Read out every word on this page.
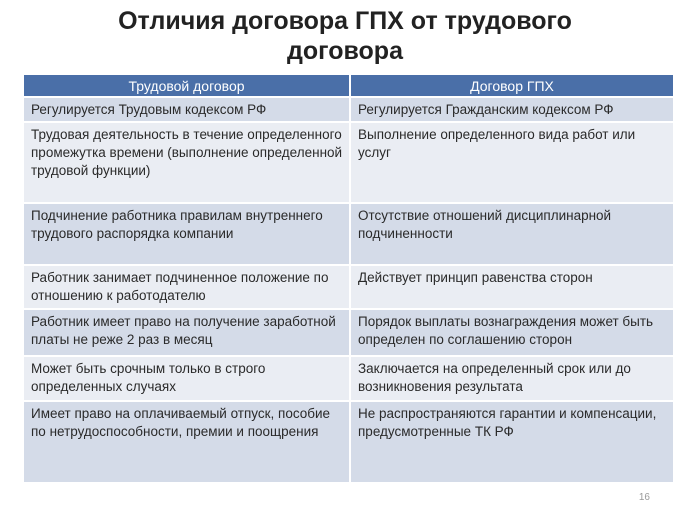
Отличия договора ГПХ от трудового
договора
Трудовой договор	Договор ГПХ
Регулируется Трудовым кодексом РФ	Регулируется Гражданским кодексом РФ
Трудовая деятельность в течение определенного промежутка времени (выполнение определенной трудовой функции)	Выполнение определенного вида работ или услуг
Подчинение работника правилам внутреннего трудового распорядка компании	Отсутствие отношений дисциплинарной подчиненности
Работник занимает подчиненное положение по отношению к работодателю	Действует принцип равенства сторон
Работник имеет право на получение заработной платы не реже 2 раз в месяц	Порядок выплаты вознаграждения может быть определен по соглашению сторон
Может быть срочным только в строго определенных случаях	Заключается на определенный срок или до возникновения результата
Имеет право на оплачиваемый отпуск, пособие по нетрудоспособности, премии и поощрения	Не распространяются гарантии и компенсации, предусмотренные ТК РФ
16
